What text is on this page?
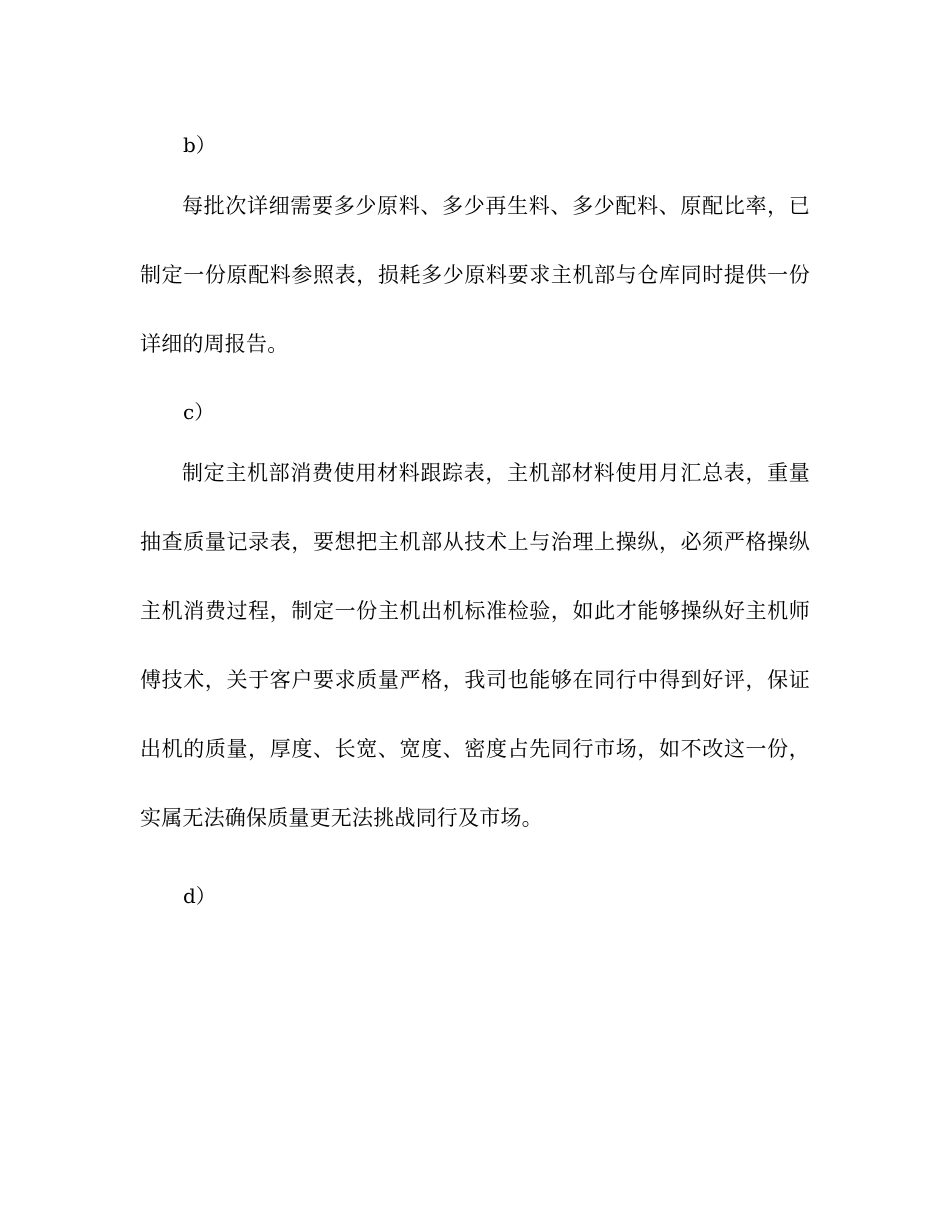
b）
每批次详细需要多少原料、多少再生料、多少配料、原配比率，已制定一份原配料参照表，损耗多少原料要求主机部与仓库同时提供一份详细的周报告。
c）
制定主机部消费使用材料跟踪表，主机部材料使用月汇总表，重量抽查质量记录表，要想把主机部从技术上与治理上操纵，必须严格操纵主机消费过程，制定一份主机出机标准检验，如此才能够操纵好主机师傅技术，关于客户要求质量严格，我司也能够在同行中得到好评，保证出机的质量，厚度、长宽、宽度、密度占先同行市场，如不改这一份，实属无法确保质量更无法挑战同行及市场。
d）
